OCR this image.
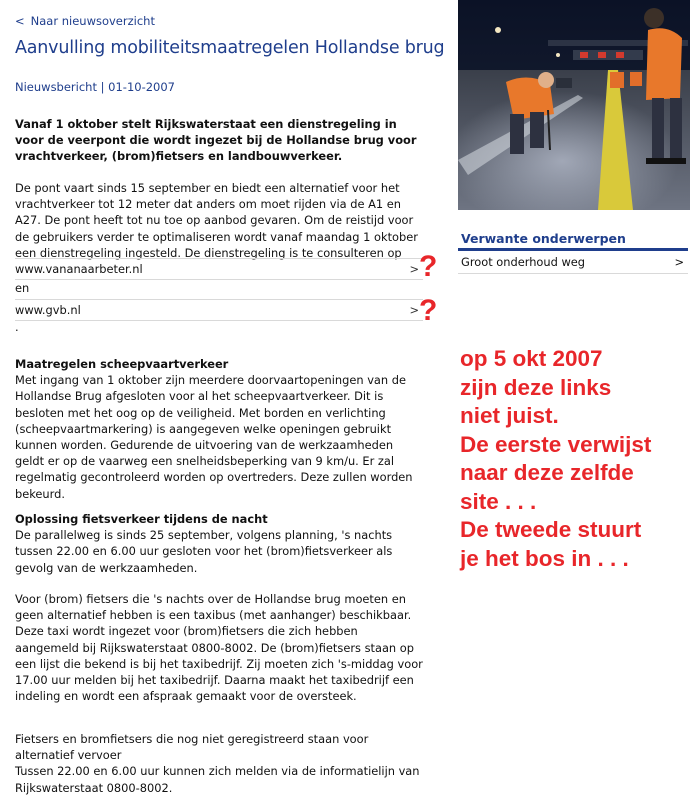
< Naar nieuwsoverzicht
Aanvulling mobiliteitsmaatregelen Hollandse brug
Nieuwsbericht | 01-10-2007

Vanaf 1 oktober stelt Rijkswaterstaat een dienstregeling in voor de veerpont die wordt ingezet bij de Hollandse brug voor vrachtverkeer, (brom)fietsers en landbouwverkeer.

De pont vaart sinds 15 september en biedt een alternatief voor het vrachtverkeer tot 12 meter dat anders om moet rijden via de A1 en A27. De pont heeft tot nu toe op aanbod gevaren. Om de reistijd voor de gebruikers verder te optimaliseren wordt vanaf maandag 1 oktober een dienstregeling ingesteld. De dienstregeling is te consulteren op

www.vananaarbeter.nl	>
en
www.gvb.nl	>
.

Maatregelen scheepvaartverkeer
Met ingang van 1 oktober zijn meerdere doorvaartopeningen van de Hollandse Brug afgesloten voor al het scheepvaartverkeer. Dit is besloten met het oog op de veiligheid. Met borden en verlichting (scheepvaartmarkering) is aangegeven welke openingen gebruikt kunnen worden. Gedurende de uitvoering van de werkzaamheden geldt er op de vaarweg een snelheidsbeperking van 9 km/u. Er zal regelmatig gecontroleerd worden op overtreders. Deze zullen worden bekeurd.

Oplossing fietsverkeer tijdens de nacht
De parallelweg is sinds 25 september, volgens planning, 's nachts tussen 22.00 en 6.00 uur gesloten voor het (brom)fietsverkeer als gevolg van de werkzaamheden.

Voor (brom) fietsers die 's nachts over de Hollandse brug moeten en geen alternatief hebben is een taxibus (met aanhanger) beschikbaar. Deze taxi wordt ingezet voor (brom)fietsers die zich hebben aangemeld bij Rijkswaterstaat 0800-8002. De (brom)fietsers staan op een lijst die bekend is bij het taxibedrijf. Zij moeten zich 's-middag voor 17.00 uur melden bij het taxibedrijf. Daarna maakt het taxibedrijf een indeling en wordt een afspraak gemaakt voor de oversteek.

Fietsers en bromfietsers die nog niet geregistreerd staan voor alternatief vervoer
Tussen 22.00 en 6.00 uur kunnen zich melden via de informatielijn van Rijkswaterstaat 0800-8002.

?
?
Verwante onderwerpen
Groot onderhoud weg	>
op 5 okt 2007
zijn deze links
niet juist.
De eerste verwijst
naar deze zelfde
site . . .
De tweede stuurt
je het bos in . . .
